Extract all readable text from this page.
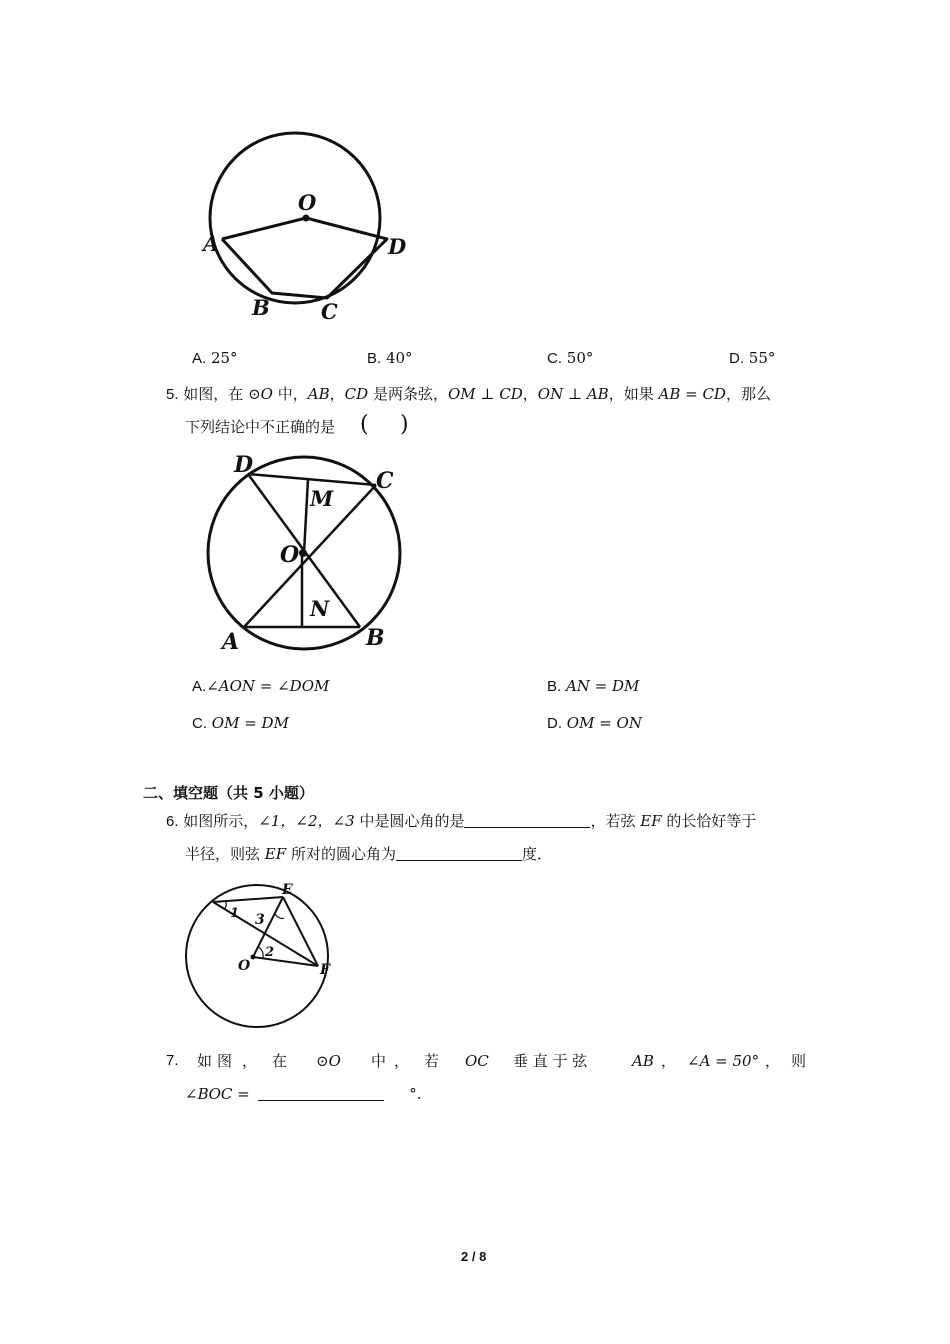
O
A	D
B C
A. 25°	B. 40°	C. 50°	D. 55°
5. 如图，在 ⊙𝑂 中，𝐴𝐵，𝐶𝐷 是两条弦，𝑂𝑀 ⊥ 𝐶𝐷，𝑂𝑁 ⊥ 𝐴𝐵，如果 𝐴𝐵 = 𝐶𝐷，那么
下列结论中不正确的是 ( )
D
C
M
O
N
A	B
A.∠𝐴𝑂𝑁 = ∠𝐷𝑂𝑀	B. 𝐴𝑁 = 𝐷𝑀
C. 𝑂𝑀 = 𝐷𝑀	D. 𝑂𝑀 = 𝑂𝑁
二、填空题（共 5 小题）
6. 如图所示，∠1，∠2，∠3 中是圆心角的是	，若弦 𝐸𝐹 的长恰好等于
半径，则弦 𝐸𝐹 所对的圆心角为	度．
E
1 3
2
O	F
7. 如 图 ， 在 ⊙𝑂 中 ， 若 𝑂𝐶 垂 直 于 弦	𝐴𝐵 ， ∠𝐴 = 50° ， 则
∠𝐵𝑂𝐶 =	°.
2 / 8
